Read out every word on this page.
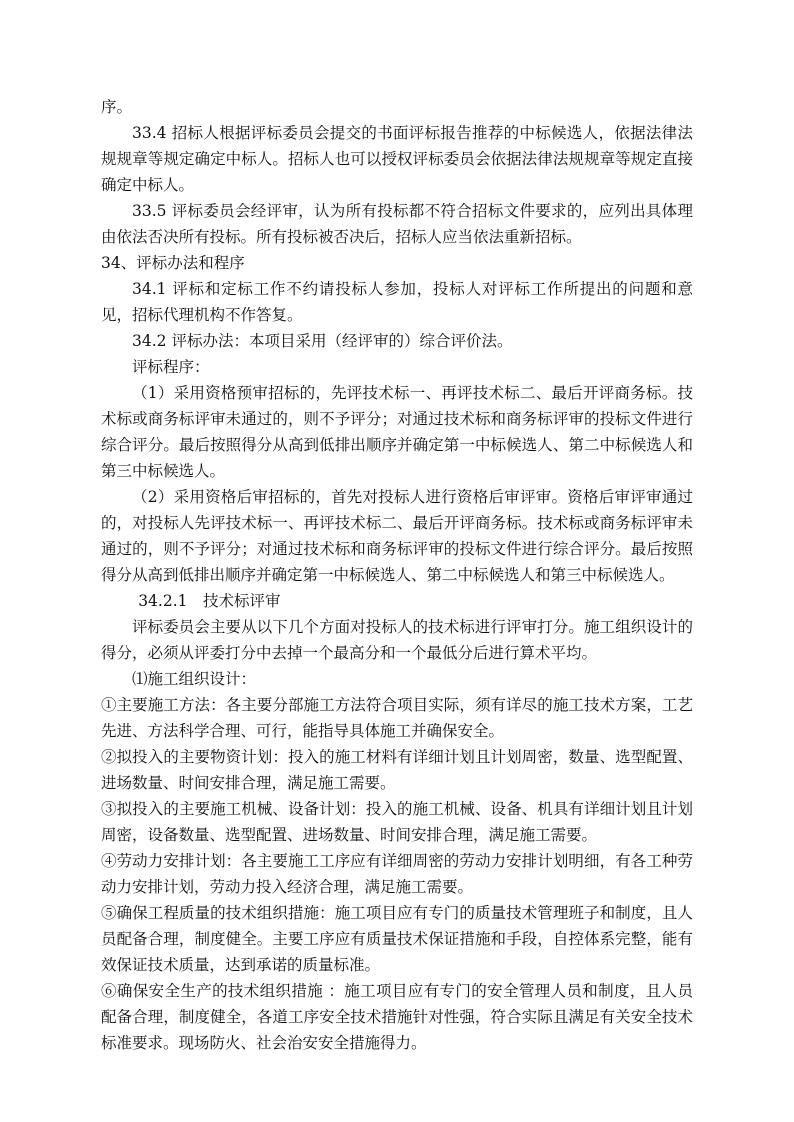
序。

33.4 招标人根据评标委员会提交的书面评标报告推荐的中标候选人，依据法律法规规章等规定确定中标人。招标人也可以授权评标委员会依据法律法规规章等规定直接确定中标人。

33.5 评标委员会经评审，认为所有投标都不符合招标文件要求的，应列出具体理由依法否决所有投标。所有投标被否决后，招标人应当依法重新招标。

34、评标办法和程序

34.1 评标和定标工作不约请投标人参加，投标人对评标工作所提出的问题和意见，招标代理机构不作答复。

34.2 评标办法：本项目采用（经评审的）综合评价法。

评标程序：

（1）采用资格预审招标的，先评技术标一、再评技术标二、最后开评商务标。技术标或商务标评审未通过的，则不予评分；对通过技术标和商务标评审的投标文件进行综合评分。最后按照得分从高到低排出顺序并确定第一中标候选人、第二中标候选人和第三中标候选人。

（2）采用资格后审招标的，首先对投标人进行资格后审评审。资格后审评审通过的，对投标人先评技术标一、再评技术标二、最后开评商务标。技术标或商务标评审未通过的，则不予评分；对通过技术标和商务标评审的投标文件进行综合评分。最后按照得分从高到低排出顺序并确定第一中标候选人、第二中标候选人和第三中标候选人。

34.2.1　技术标评审

评标委员会主要从以下几个方面对投标人的技术标进行评审打分。施工组织设计的得分，必须从评委打分中去掉一个最高分和一个最低分后进行算术平均。

⑴施工组织设计：

①主要施工方法：各主要分部施工方法符合项目实际，须有详尽的施工技术方案，工艺先进、方法科学合理、可行，能指导具体施工并确保安全。

②拟投入的主要物资计划：投入的施工材料有详细计划且计划周密，数量、选型配置、进场数量、时间安排合理，满足施工需要。

③拟投入的主要施工机械、设备计划：投入的施工机械、设备、机具有详细计划且计划周密，设备数量、选型配置、进场数量、时间安排合理，满足施工需要。

④劳动力安排计划：各主要施工工序应有详细周密的劳动力安排计划明细，有各工种劳动力安排计划，劳动力投入经济合理，满足施工需要。

⑤确保工程质量的技术组织措施：施工项目应有专门的质量技术管理班子和制度，且人员配备合理，制度健全。主要工序应有质量技术保证措施和手段，自控体系完整，能有效保证技术质量，达到承诺的质量标准。

⑥确保安全生产的技术组织措施 ：施工项目应有专门的安全管理人员和制度，且人员配备合理，制度健全，各道工序安全技术措施针对性强，符合实际且满足有关安全技术标准要求。现场防火、社会治安安全措施得力。
